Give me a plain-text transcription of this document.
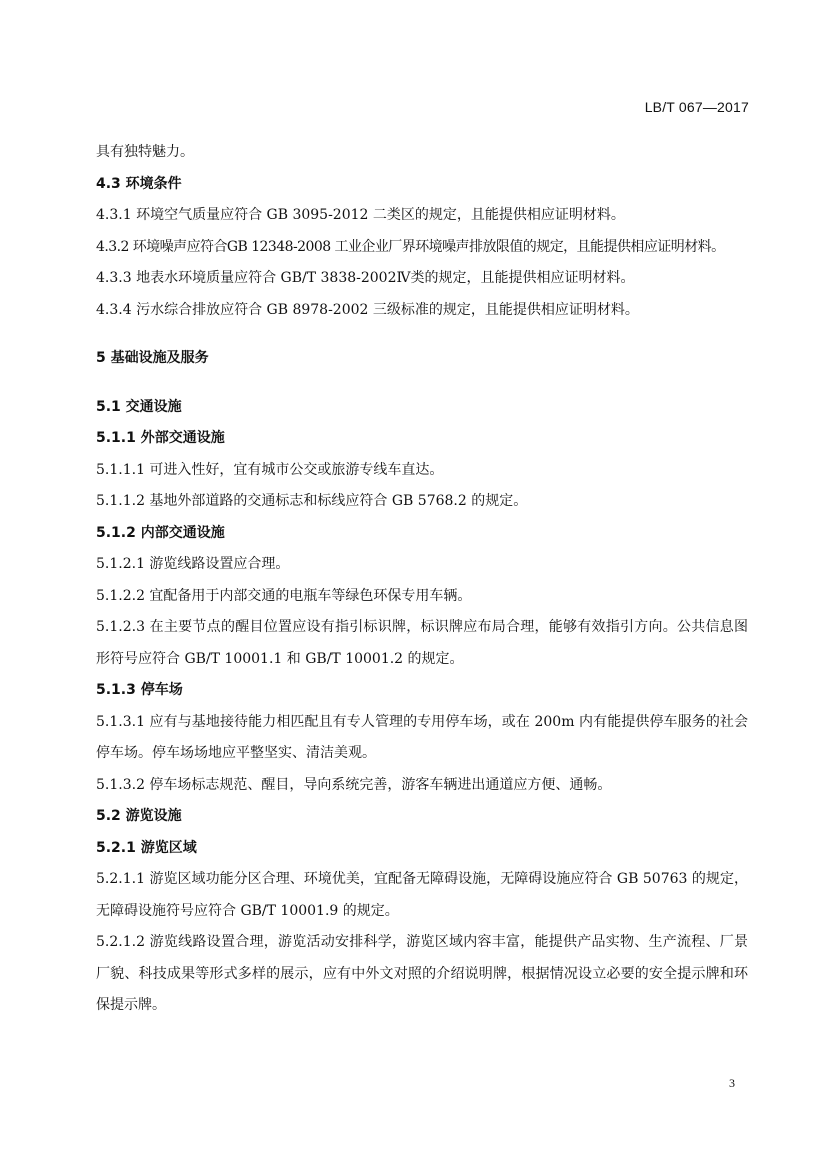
LB/T 067—2017

具有独特魅力。

4.3 环境条件

4.3.1 环境空气质量应符合 GB 3095-2012 二类区的规定，且能提供相应证明材料。

4.3.2 环境噪声应符合GB 12348-2008 工业企业厂界环境噪声排放限值的规定，且能提供相应证明材料。

4.3.3 地表水环境质量应符合 GB/T 3838-2002Ⅳ类的规定，且能提供相应证明材料。

4.3.4 污水综合排放应符合 GB 8978-2002 三级标准的规定，且能提供相应证明材料。

5 基础设施及服务

5.1 交通设施

5.1.1 外部交通设施

5.1.1.1 可进入性好，宜有城市公交或旅游专线车直达。

5.1.1.2 基地外部道路的交通标志和标线应符合 GB 5768.2 的规定。

5.1.2 内部交通设施

5.1.2.1 游览线路设置应合理。

5.1.2.2 宜配备用于内部交通的电瓶车等绿色环保专用车辆。

5.1.2.3 在主要节点的醒目位置应设有指引标识牌，标识牌应布局合理，能够有效指引方向。公共信息图形符号应符合 GB/T 10001.1 和 GB/T 10001.2 的规定。

5.1.3 停车场

5.1.3.1 应有与基地接待能力相匹配且有专人管理的专用停车场，或在 200m 内有能提供停车服务的社会停车场。停车场场地应平整坚实、清洁美观。

5.1.3.2 停车场标志规范、醒目，导向系统完善，游客车辆进出通道应方便、通畅。

5.2 游览设施

5.2.1 游览区域

5.2.1.1 游览区域功能分区合理、环境优美，宜配备无障碍设施，无障碍设施应符合 GB 50763 的规定，无障碍设施符号应符合 GB/T 10001.9 的规定。

5.2.1.2 游览线路设置合理，游览活动安排科学，游览区域内容丰富，能提供产品实物、生产流程、厂景厂貌、科技成果等形式多样的展示，应有中外文对照的介绍说明牌，根据情况设立必要的安全提示牌和环保提示牌。

3
